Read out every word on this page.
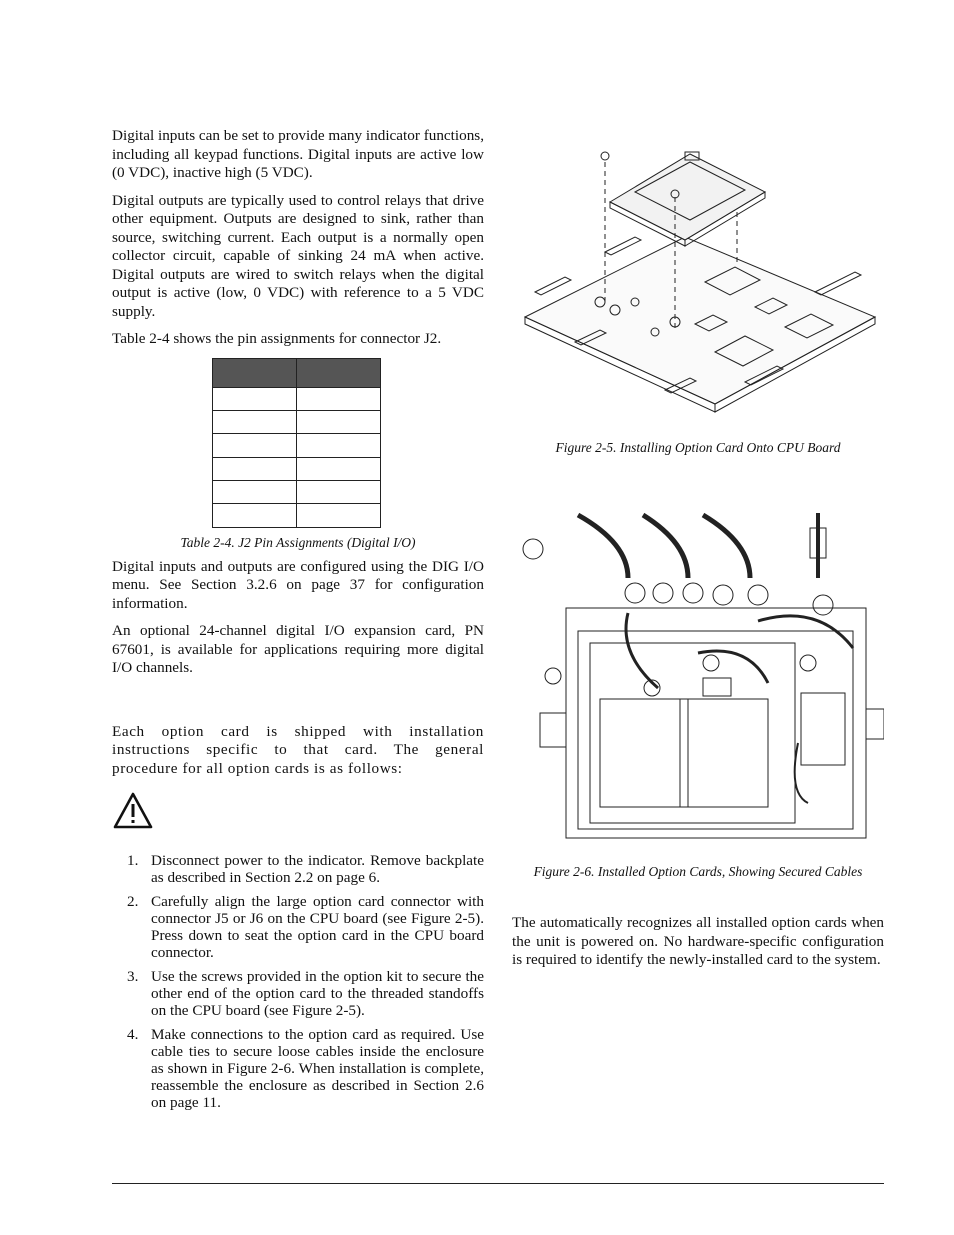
Digital inputs can be set to provide many indicator functions, including all keypad functions. Digital inputs are active low (0 VDC), inactive high (5 VDC).

Digital outputs are typically used to control relays that drive other equipment. Outputs are designed to sink, rather than source, switching current. Each output is a normally open collector circuit, capable of sinking 24 mA when active. Digital outputs are wired to switch relays when the digital output is active (low, 0 VDC) with reference to a 5 VDC supply.

Table 2-4 shows the pin assignments for connector J2.

Table 2-4. J2 Pin Assignments (Digital I/O)

Digital inputs and outputs are configured using the DIG I/O menu. See Section 3.2.6 on page 37 for configuration information.

An optional 24-channel digital I/O expansion card, PN 67601, is available for applications requiring more digital I/O channels.

Each option card is shipped with installation instructions specific to that card. The general procedure for all option cards is as follows:

1. Disconnect power to the indicator. Remove backplate as described in Section 2.2 on page 6.
2. Carefully align the large option card connector with connector J5 or J6 on the CPU board (see Figure 2-5). Press down to seat the option card in the CPU board connector.
3. Use the screws provided in the option kit to secure the other end of the option card to the threaded standoffs on the CPU board (see Figure 2-5).
4. Make connections to the option card as required. Use cable ties to secure loose cables inside the enclosure as shown in Figure 2-6. When installation is complete, reassemble the enclosure as described in Section 2.6 on page 11.

Figure 2-5. Installing Option Card Onto CPU Board

Figure 2-6. Installed Option Cards, Showing Secured Cables

The automatically recognizes all installed option cards when the unit is powered on. No hardware-specific configuration is required to identify the newly-installed card to the system.
